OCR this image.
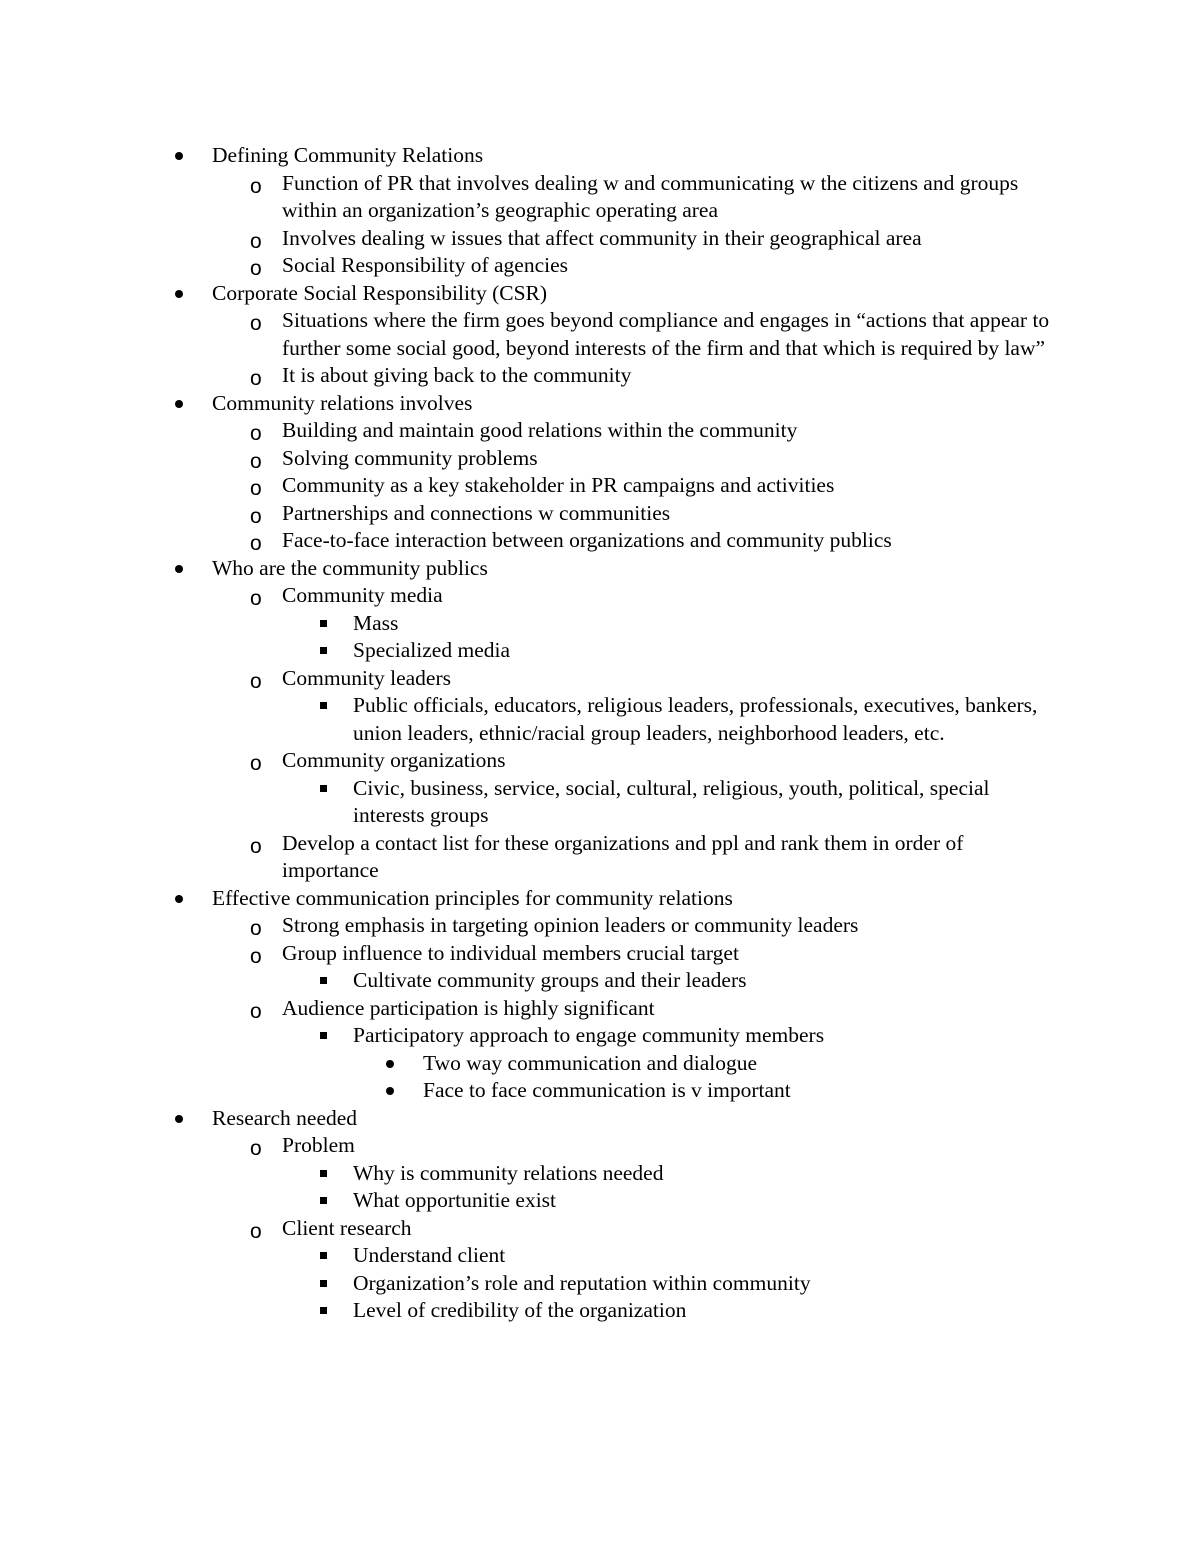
Defining Community Relations
o
Function of PR that involves dealing w and communicating w the citizens and groups within an organization’s geographic operating area
o
Involves dealing w issues that affect community in their geographical area
o
Social Responsibility of agencies
Corporate Social Responsibility (CSR)
o
Situations where the firm goes beyond compliance and engages in “actions that appear to further some social good, beyond interests of the firm and that which is required by law”
o
It is about giving back to the community
Community relations involves
o
Building and maintain good relations within the community
o
Solving community problems
o
Community as a key stakeholder in PR campaigns and activities
o
Partnerships and connections w communities
o
Face-to-face interaction between organizations and community publics
Who are the community publics
o
Community media
Mass
Specialized media
o
Community leaders
Public officials, educators, religious leaders, professionals, executives, bankers, union leaders, ethnic/racial group leaders, neighborhood leaders, etc.
o
Community organizations
Civic, business, service, social, cultural, religious, youth, political, special interests groups
o
Develop a contact list for these organizations and ppl and rank them in order of importance
Effective communication principles for community relations
o
Strong emphasis in targeting opinion leaders or community leaders
o
Group influence to individual members crucial target
Cultivate community groups and their leaders
o
Audience participation is highly significant
Participatory approach to engage community members
Two way communication and dialogue
Face to face communication is v important
Research needed
o
Problem
Why is community relations needed
What opportunitie exist
o
Client research
Understand client
Organization’s role and reputation within community
Level of credibility of the organization
